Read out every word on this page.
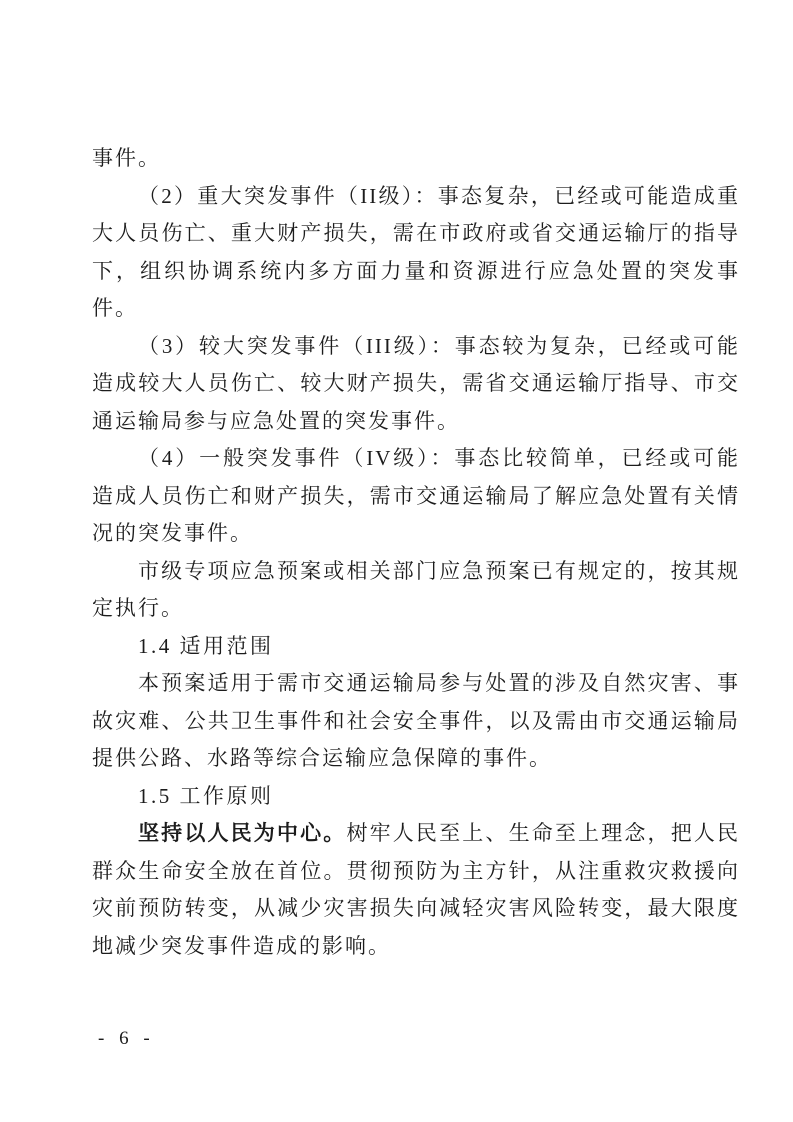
事件。

（2）重大突发事件（II级）：事态复杂，已经或可能造成重大人员伤亡、重大财产损失，需在市政府或省交通运输厅的指导下，组织协调系统内多方面力量和资源进行应急处置的突发事件。

（3）较大突发事件（III级）：事态较为复杂，已经或可能造成较大人员伤亡、较大财产损失，需省交通运输厅指导、市交通运输局参与应急处置的突发事件。

（4）一般突发事件（IV级）：事态比较简单，已经或可能造成人员伤亡和财产损失，需市交通运输局了解应急处置有关情况的突发事件。

市级专项应急预案或相关部门应急预案已有规定的，按其规定执行。

1.4 适用范围

本预案适用于需市交通运输局参与处置的涉及自然灾害、事故灾难、公共卫生事件和社会安全事件，以及需由市交通运输局提供公路、水路等综合运输应急保障的事件。

1.5 工作原则

坚持以人民为中心。树牢人民至上、生命至上理念，把人民群众生命安全放在首位。贯彻预防为主方针，从注重救灾救援向灾前预防转变，从减少灾害损失向减轻灾害风险转变，最大限度地减少突发事件造成的影响。

- 6 -
